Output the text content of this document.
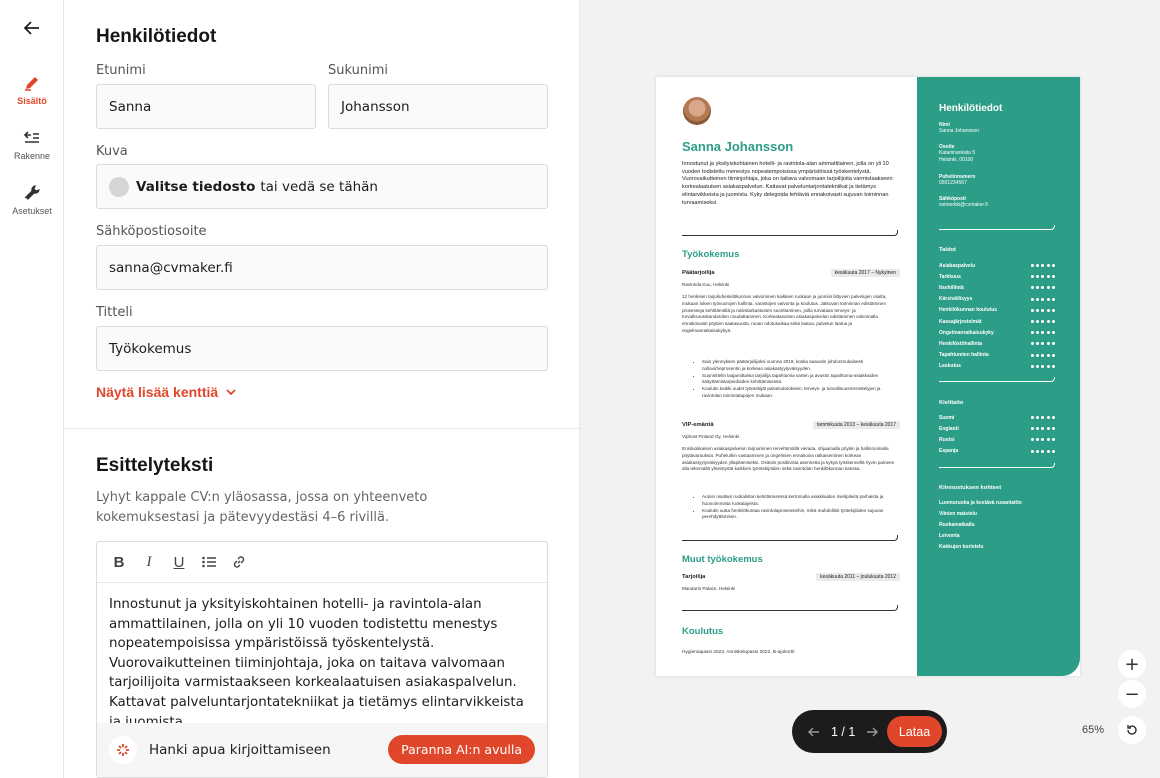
Sisältö
Rakenne
Asetukset
Henkilötiedot
Etunimi
Sanna
Sukunimi
Johansson
Kuva
Valitse tiedosto tai vedä se tähän
Sähköpostiosoite
sanna@cvmaker.fi
Titteli
Työkokemus
Näytä lisää kenttiä
Esittelyteksti
Lyhyt kappale CV:n yläosassa, jossa on yhteenveto kokemuksestasi ja pätevyydestäsi 4–6 rivillä.
B	I	U
Innostunut ja yksityiskohtainen hotelli- ja ravintola-alan ammattilainen, jolla on yli 10 vuoden todistettu menestys nopeatempoisissa ympäristöissä työskentelystä. Vuorovaikutteinen tiiminjohtaja, joka on taitava valvomaan tarjoilijoita varmistaakseen korkealaatuisen asiakaspalvelun. Kattavat palveluntarjontatekniikat ja tietämys elintarvikkeista
Hanki apua kirjoittamiseen	Paranna AI:n avulla
Sanna Johansson
Innostunut ja yksityiskohtainen hotelli- ja ravintola-alan ammattilainen, jolla on yli 10 vuoden todistettu menestys nopeatempoisissa ympäristöissä työskentelystä. Vuorovaikutteinen tiiminjohtaja, joka on taitava valvomaan tarjoilijoita varmistaakseen korkealaatuisen asiakaspalvelun. Kattavat palveluntarjontatekniikat ja tietämys elintarvikkeista ja juomista. Kyky delegoida tehtäviä ennakoivasti sujuvan toiminnan turvaamiseksi.
Työkokemus
Päätarjoilija	kesäkuuta 2017 – Nykyinen
Ravintola Kuu, Helsinki
12 henkisen tarjoiluhenkilökunnan valvominen kaikkien ruokaan ja juomiin liittyvien palvelujen osalta, mukaan lukien työvuorojen hallinta, varastojen valvonta ja koulutus. Jatkuvan toiminnan edistäminen prosesseja kehittämällä ja rutiinitarkastusten suorittaminen, joilla turvataan terveys- ja turvallisuusstandardien noudattaminen. Korkeatasoisen asiakaspalvelun edistäminen valvomalla ennakoivasti pöytien saatavuutta, ruoan odotusaikaa sekä laatua, palvelun laatua ja ongelmanratkaisukykyä.
• Sain ylennyksen päätarjoilijaksi vuonna 2019, koska saavutin johdonmukaisesti nollavirheprosentin ja korkean asiakastyytyväisyyden.
• Suunnittelin laajamittaisia tarjoilija tapahtumia varten ja avustin tapahtuma-asiakkaiden sääyttämistarpeidoiden kehittämisessä.
• Koulutin kaikki uudet työntekijät palveludotoksien, terveys- ja turvallisuusmenettelyjen ja ravintolan toimintatapojen mukaan.
VIP-emäntä	tammikuuta 2013 – kesäkuuta 2017
Viphost Finland Oy, Helsinki
Ensiluokkaisen asiakaspalvelun tarjoaminen tervehtimällä vieraita, ohjaamalla pöytiin ja hallinnoimalla pöytävarauksia. Puheluihin vastaaminen ja ongelmien ennakoiva ratkaiseminen korkean asiakastyytyväisyyden ylläpitämiseksi. Ositoiin positiivisia asennetta ja kykyä työskennellä hyvin paineen alla tekemällä yhteistyötä kaikkien työntekijöiden sekä ravintolan henkilökunnan kanssa.
• Autoin osaltani ruokalistan kehittämisessä kertomalla asiakkaiden mielipiteitä parhaista ja huonoimmista ruokalajeista.
• Koulutin uutta henkilökuntaa ravintolaprosesseihin, mikä mahdollisti työtekijöiden sujuvan perehdyttämisen.
Muut työkokemus
Tarjoilija	kesäkuuta 2011 – joulukuuta 2012
Mandarin Palace, Helsinki
Koulutus
Hygieniapassi 2023, Anniskelupassi 2022, B-ajokortti
Henkilötiedot
Nimi
Sanna Johansson
Osoite
Katariinankatu 5
Helsinki, 00100
Puhelinnumero
0501234567
Sähköposti
esimerkki@cvmaker.fi
Taidot
Asiakaspalvelu
Tarkkuus
Itsehillintä
Kärsivällisyys
Henkilökunnan koulutus
Kassajärjestelmät
Ongelmanratkaisukyky
Henkilöstöhallinta
Tapahtumien hallinta
Laskutus
Kielitaito
Suomi
Englanti
Ruotsi
Espanja
Kiinnostuksen kohteet
Luomuruoka ja kestävä ruoanlaitto
Viinien maistelu
Ruokamatkailu
Leivonta
Kakkujen koristelu
1 / 1	Lataa
+
−
65%
